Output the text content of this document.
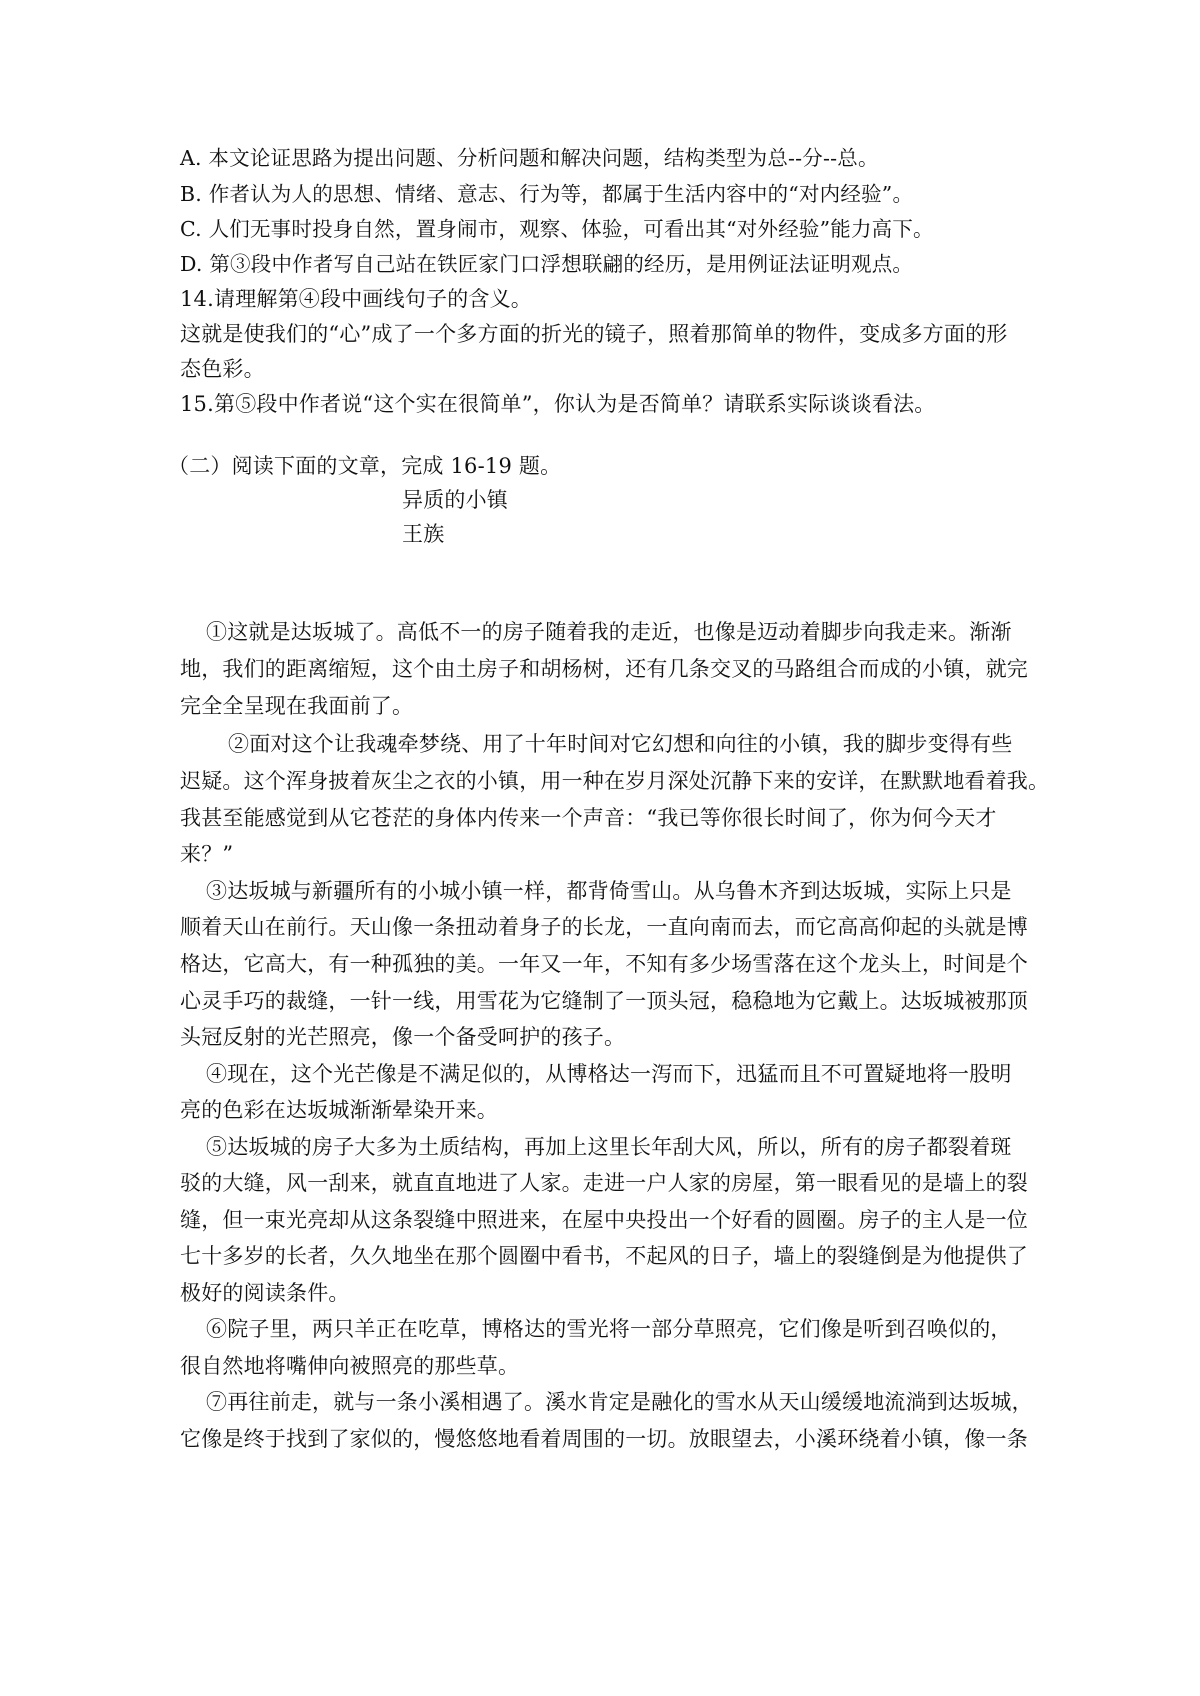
A. 本文论证思路为提出问题、分析问题和解决问题，结构类型为总--分--总。
B. 作者认为人的思想、情绪、意志、行为等，都属于生活内容中的“对内经验”。
C. 人们无事时投身自然，置身闹市，观察、体验，可看出其“对外经验”能力高下。
D. 第③段中作者写自己站在铁匠家门口浮想联翩的经历，是用例证法证明观点。
14.请理解第④段中画线句子的含义。
这就是使我们的“心”成了一个多方面的折光的镜子，照着那简单的物件，变成多方面的形
态色彩。
15.第⑤段中作者说“这个实在很简单”，你认为是否简单？请联系实际谈谈看法。
（二）阅读下面的文章，完成 16-19 题。
异质的小镇
王族
①这就是达坂城了。高低不一的房子随着我的走近，也像是迈动着脚步向我走来。渐渐
地，我们的距离缩短，这个由土房子和胡杨树，还有几条交叉的马路组合而成的小镇，就完
完全全呈现在我面前了。
②面对这个让我魂牵梦绕、用了十年时间对它幻想和向往的小镇，我的脚步变得有些
迟疑。这个浑身披着灰尘之衣的小镇，用一种在岁月深处沉静下来的安详，在默默地看着我。
我甚至能感觉到从它苍茫的身体内传来一个声音：“我已等你很长时间了，你为何今天才
来？”
③达坂城与新疆所有的小城小镇一样，都背倚雪山。从乌鲁木齐到达坂城，实际上只是
顺着天山在前行。天山像一条扭动着身子的长龙，一直向南而去，而它高高仰起的头就是博
格达，它高大，有一种孤独的美。一年又一年，不知有多少场雪落在这个龙头上，时间是个
心灵手巧的裁缝，一针一线，用雪花为它缝制了一顶头冠，稳稳地为它戴上。达坂城被那顶
头冠反射的光芒照亮，像一个备受呵护的孩子。
④现在，这个光芒像是不满足似的，从博格达一泻而下，迅猛而且不可置疑地将一股明
亮的色彩在达坂城渐渐晕染开来。
⑤达坂城的房子大多为土质结构，再加上这里长年刮大风，所以，所有的房子都裂着斑
驳的大缝，风一刮来，就直直地进了人家。走进一户人家的房屋，第一眼看见的是墙上的裂
缝，但一束光亮却从这条裂缝中照进来，在屋中央投出一个好看的圆圈。房子的主人是一位
七十多岁的长者，久久地坐在那个圆圈中看书，不起风的日子，墙上的裂缝倒是为他提供了
极好的阅读条件。
⑥院子里，两只羊正在吃草，博格达的雪光将一部分草照亮，它们像是听到召唤似的，
很自然地将嘴伸向被照亮的那些草。
⑦再往前走，就与一条小溪相遇了。溪水肯定是融化的雪水从天山缓缓地流淌到达坂城，
它像是终于找到了家似的，慢悠悠地看着周围的一切。放眼望去，小溪环绕着小镇，像一条
